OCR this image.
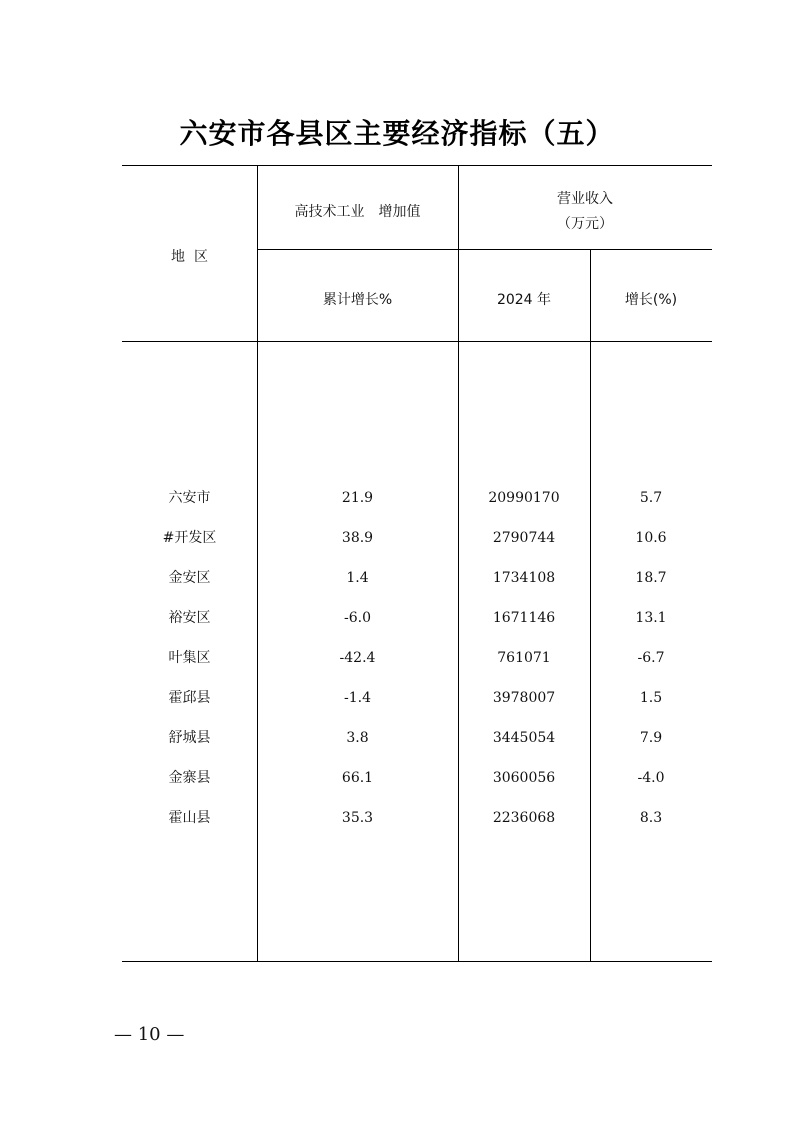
六安市各县区主要经济指标（五）
地  区
高技术工业　增加值
营业收入
（万元）
累计增长%	2024 年	增长(%)
六安市	21.9	20990170	5.7
#开发区	38.9	2790744	10.6
金安区	1.4	1734108	18.7
裕安区	-6.0	1671146	13.1
叶集区	-42.4	761071	-6.7
霍邱县	-1.4	3978007	1.5
舒城县	3.8	3445054	7.9
金寨县	66.1	3060056	-4.0
霍山县	35.3	2236068	8.3
— 10 —
